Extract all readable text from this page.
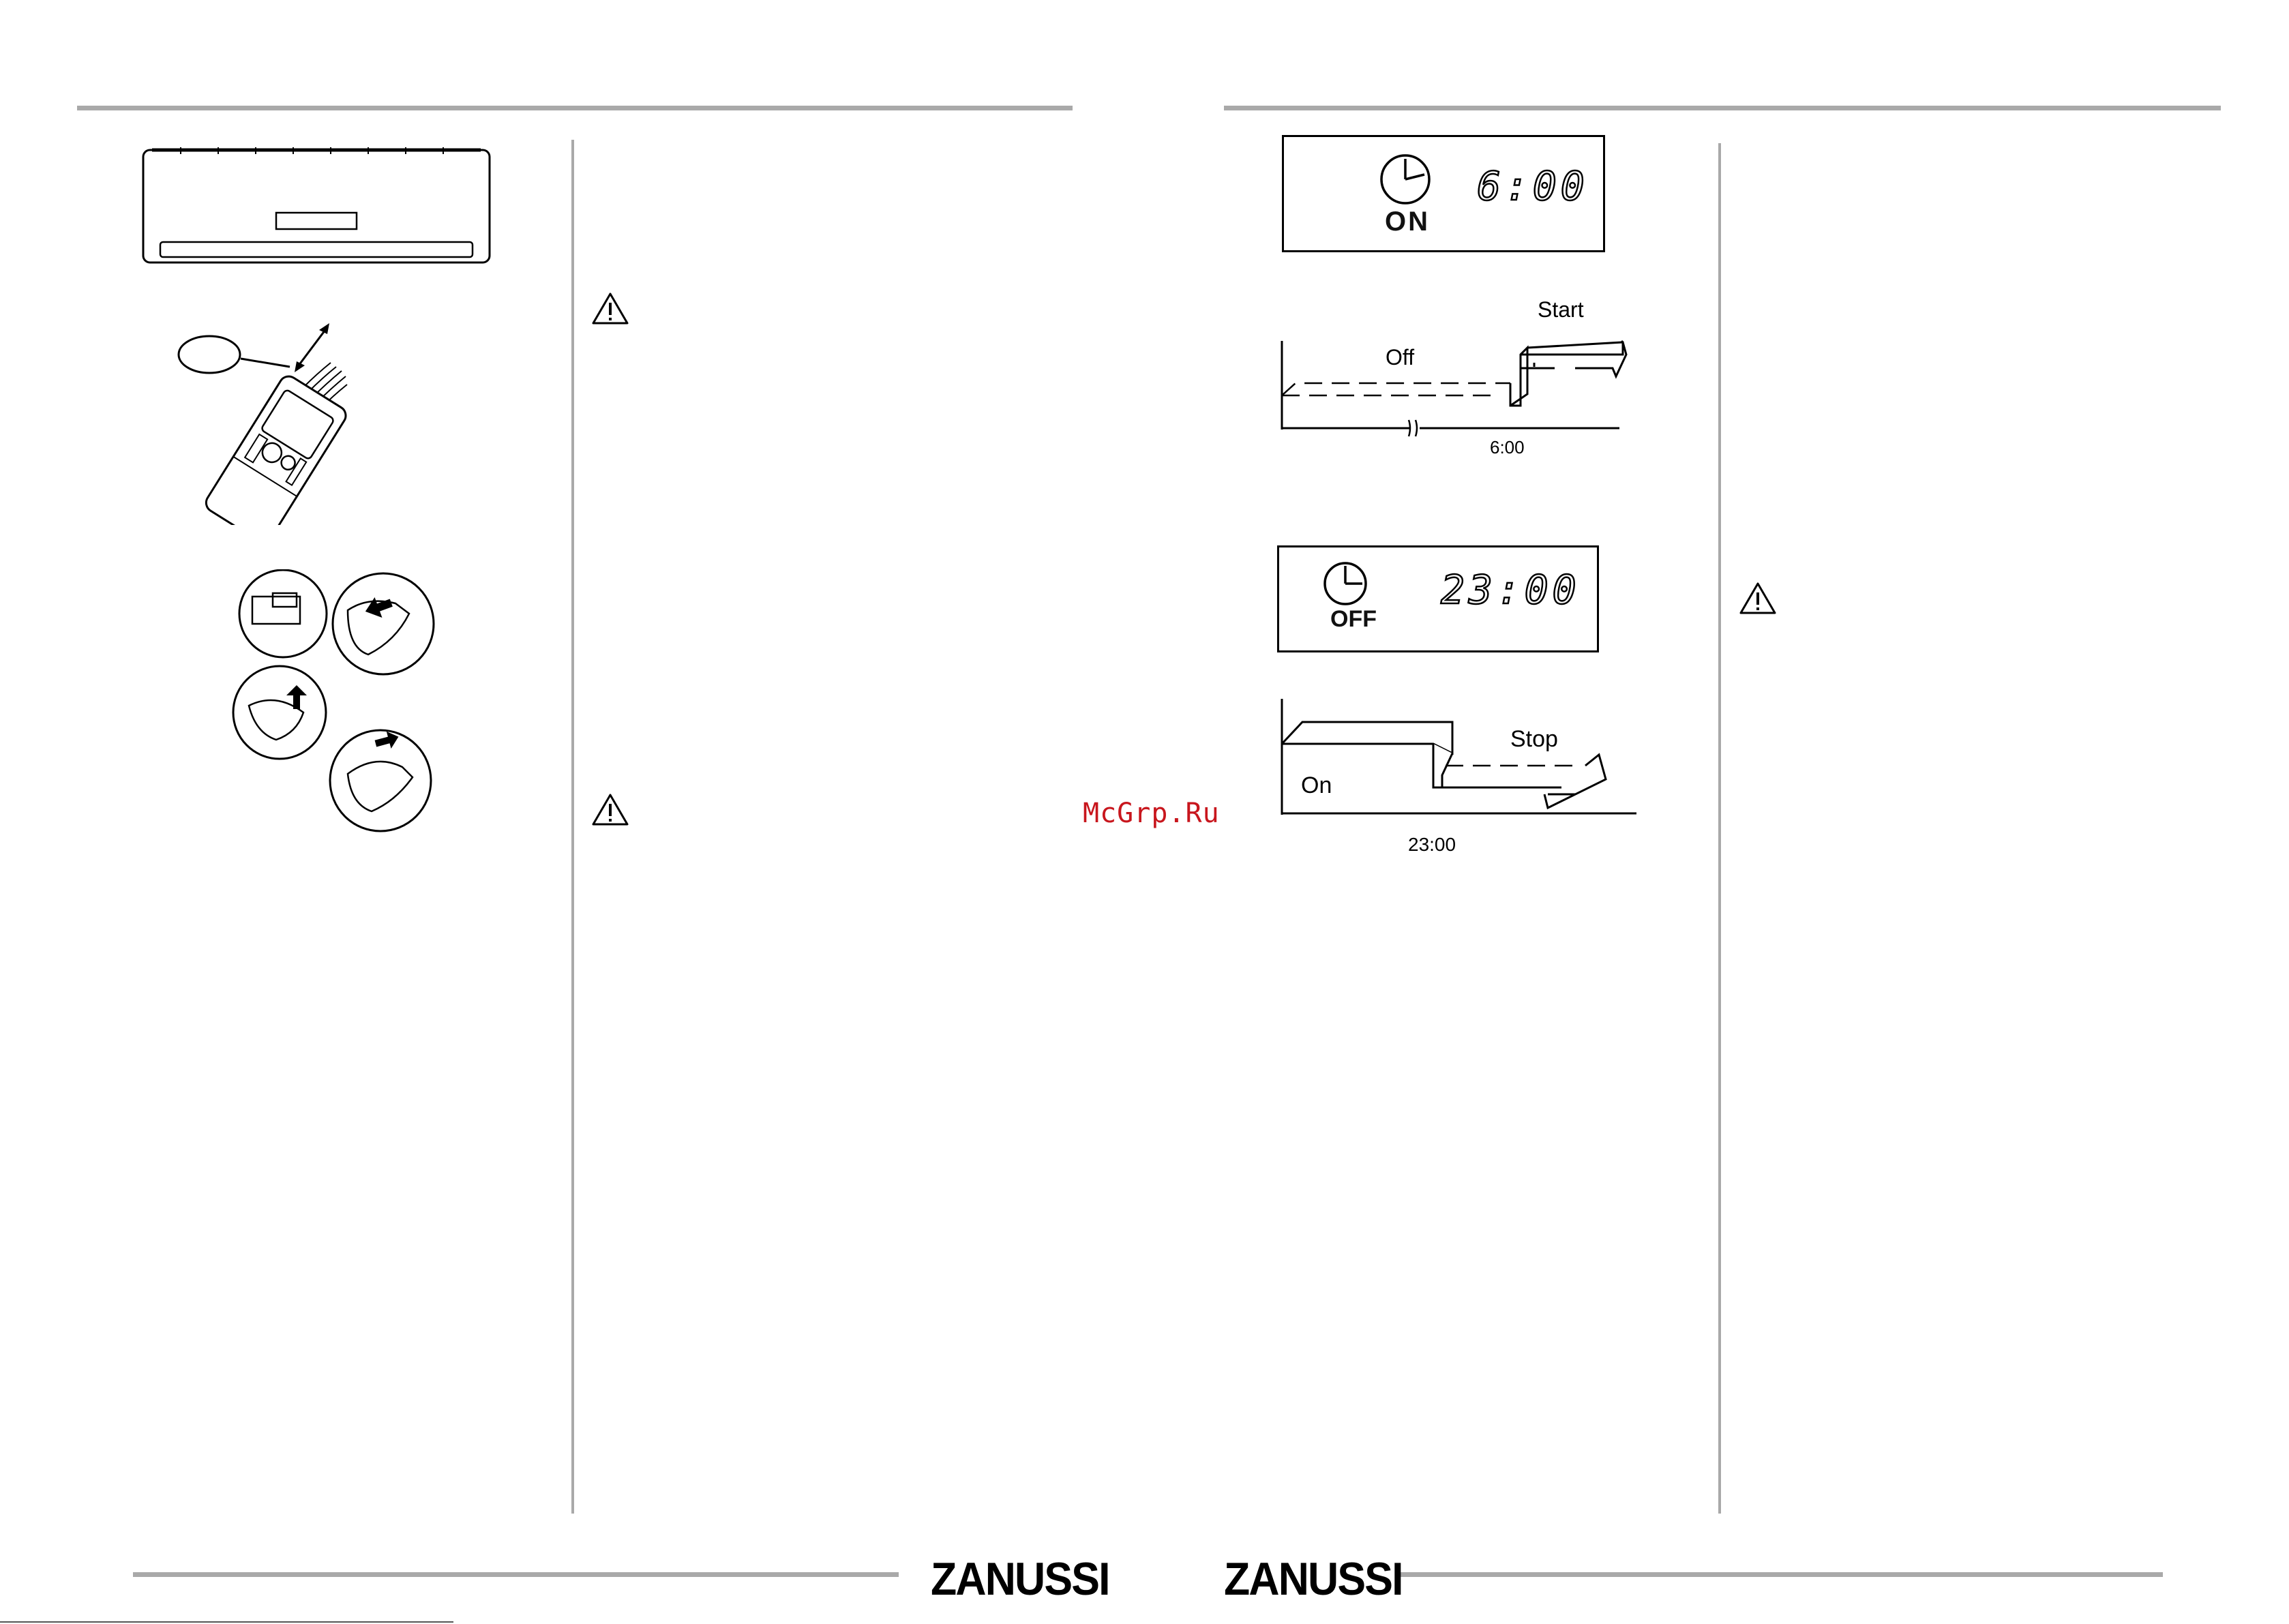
ZANUSSI ZANUSSI
McGrp.Ru
ON
6:00
Off
Start
6:00
OFF
23:00
On
Stop
23:00
